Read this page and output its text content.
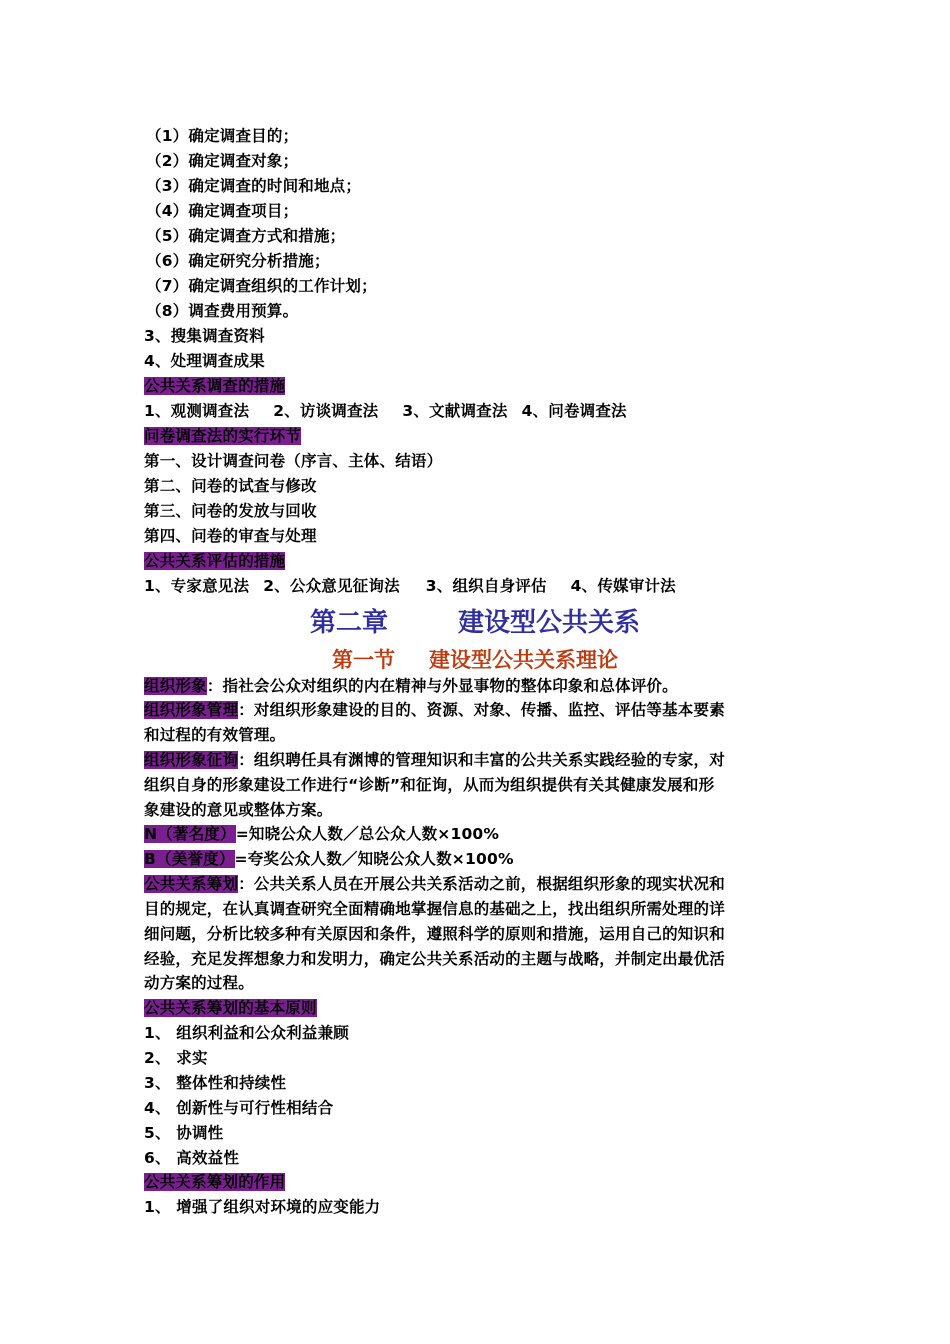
（1）确定调查目的；
（2）确定调查对象；
（3）确定调查的时间和地点；
（4）确定调查项目；
（5）确定调查方式和措施；
（6）确定研究分析措施；
（7）确定调查组织的工作计划；
（8）调查费用预算。
3、搜集调查资料
4、处理调查成果
公共关系调查的措施
1、观测调查法 2、访谈调查法 3、文献调查法 4、问卷调查法
问卷调查法的实行环节
第一、设计调查问卷（序言、主体、结语）
第二、问卷的试查与修改
第三、问卷的发放与回收
第四、问卷的审查与处理
公共关系评估的措施
1、专家意见法 2、公众意见征询法 3、组织自身评估 4、传媒审计法
第二章	建设型公共关系
第一节 建设型公共关系理论
组织形象：指社会公众对组织的内在精神与外显事物的整体印象和总体评价。
组织形象管理：对组织形象建设的目的、资源、对象、传播、监控、评估等基本要素
和过程的有效管理。
组织形象征询：组织聘任具有渊博的管理知识和丰富的公共关系实践经验的专家，对
组织自身的形象建设工作进行“诊断”和征询，从而为组织提供有关其健康发展和形
象建设的意见或整体方案。
N（著名度）=知晓公众人数／总公众人数×100%
B（美誉度）=夸奖公众人数／知晓公众人数×100%
公共关系筹划：公共关系人员在开展公共关系活动之前，根据组织形象的现实状况和
目的规定，在认真调查研究全面精确地掌握信息的基础之上，找出组织所需处理的详
细问题，分析比较多种有关原因和条件，遵照科学的原则和措施，运用自己的知识和
经验，充足发挥想象力和发明力，确定公共关系活动的主题与战略，并制定出最优活
动方案的过程。
公共关系筹划的基本原则
1、 组织利益和公众利益兼顾
2、 求实
3、 整体性和持续性
4、 创新性与可行性相结合
5、 协调性
6、 高效益性
公共关系筹划的作用
1、 增强了组织对环境的应变能力
